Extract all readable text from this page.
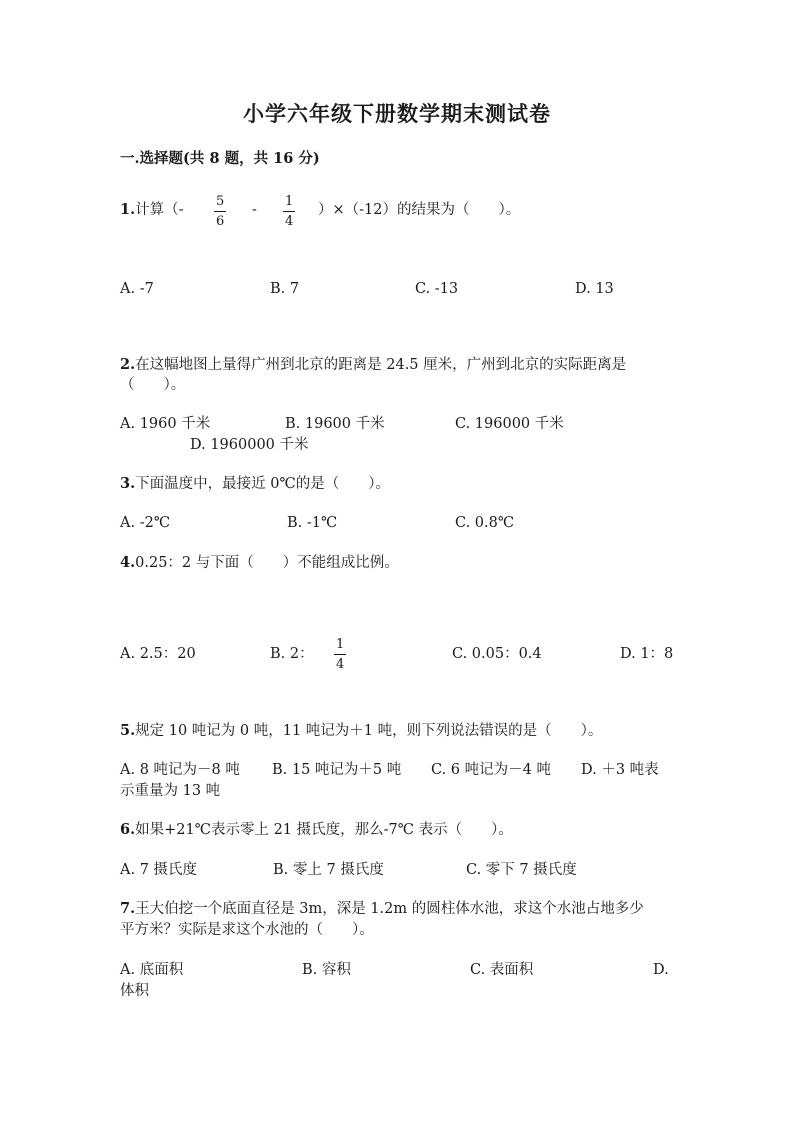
小学六年级下册数学期末测试卷
一.选择题(共 8 题，共 16 分)
1.计算（-
5
6
-
1
4
）×（-12）的结果为（　　）。
A. -7	B. 7	C. -13	D. 13
2.在这幅地图上量得广州到北京的距离是 24.5 厘米，广州到北京的实际距离是
（　　）。
A. 1960 千米	B. 19600 千米	C. 196000 千米
D. 1960000 千米
3.下面温度中，最接近 0℃的是（　　）。
A. -2℃	B. -1℃	C. 0.8℃
4.0.25：2 与下面（　　）不能组成比例。
A. 2.5：20	B. 2：
1
4
C. 0.05：0.4	D. 1：8
5.规定 10 吨记为 0 吨，11 吨记为＋1 吨，则下列说法错误的是（　　）。
A. 8 吨记为－8 吨 B. 15 吨记为＋5 吨 C. 6 吨记为－4 吨 D. ＋3 吨表
示重量为 13 吨
6.如果+21℃表示零上 21 摄氏度，那么-7℃ 表示（　　）。
A. 7 摄氏度	B. 零上 7 摄氏度	C. 零下 7 摄氏度
7.王大伯挖一个底面直径是 3m，深是 1.2m 的圆柱体水池，求这个水池占地多少
平方米？实际是求这个水池的（　　）。
A. 底面积	B. 容积	C. 表面积	D.
体积
